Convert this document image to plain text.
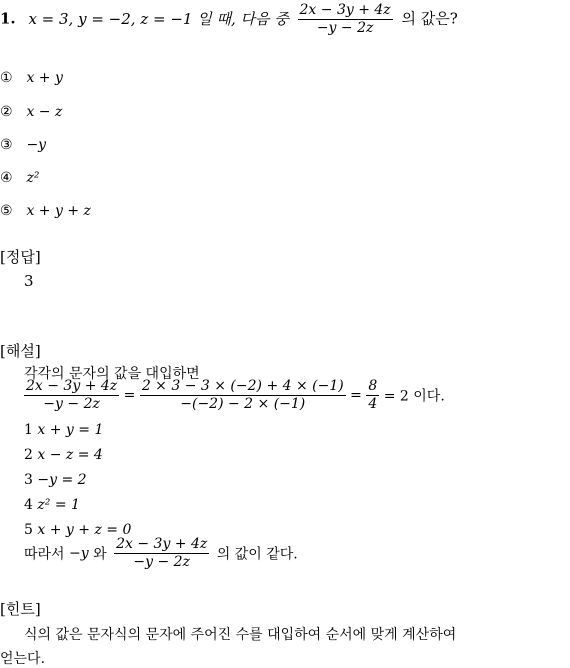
1. x = 3, y = −2, z = −1 일 때, 다음 중 $\frac{2x - 3y + 4z}{-y - 2z}$ 의 값은?
① x + y
② x − z
③ −y
④ z²
⑤ x + y + z
[정답]
3
[해설]
각각의 문자의 값을 대입하면
$\frac{2x - 3y + 4z}{-y - 2z} = \frac{2 \times 3 - 3 \times (-2) + 4 \times (-1)}{-(-2) - 2 \times (-1)} = \frac{8}{4} = 2$ 이다.
1 x + y = 1
2 x − z = 4
3 −y = 2
4 z² = 1
5 x + y + z = 0
따라서 −y 와 $\frac{2x - 3y + 4z}{-y - 2z}$ 의 값이 같다.
[힌트]
식의 값은 문자식의 문자에 주어진 수를 대입하여 순서에 맞게 계산하여
얻는다.
